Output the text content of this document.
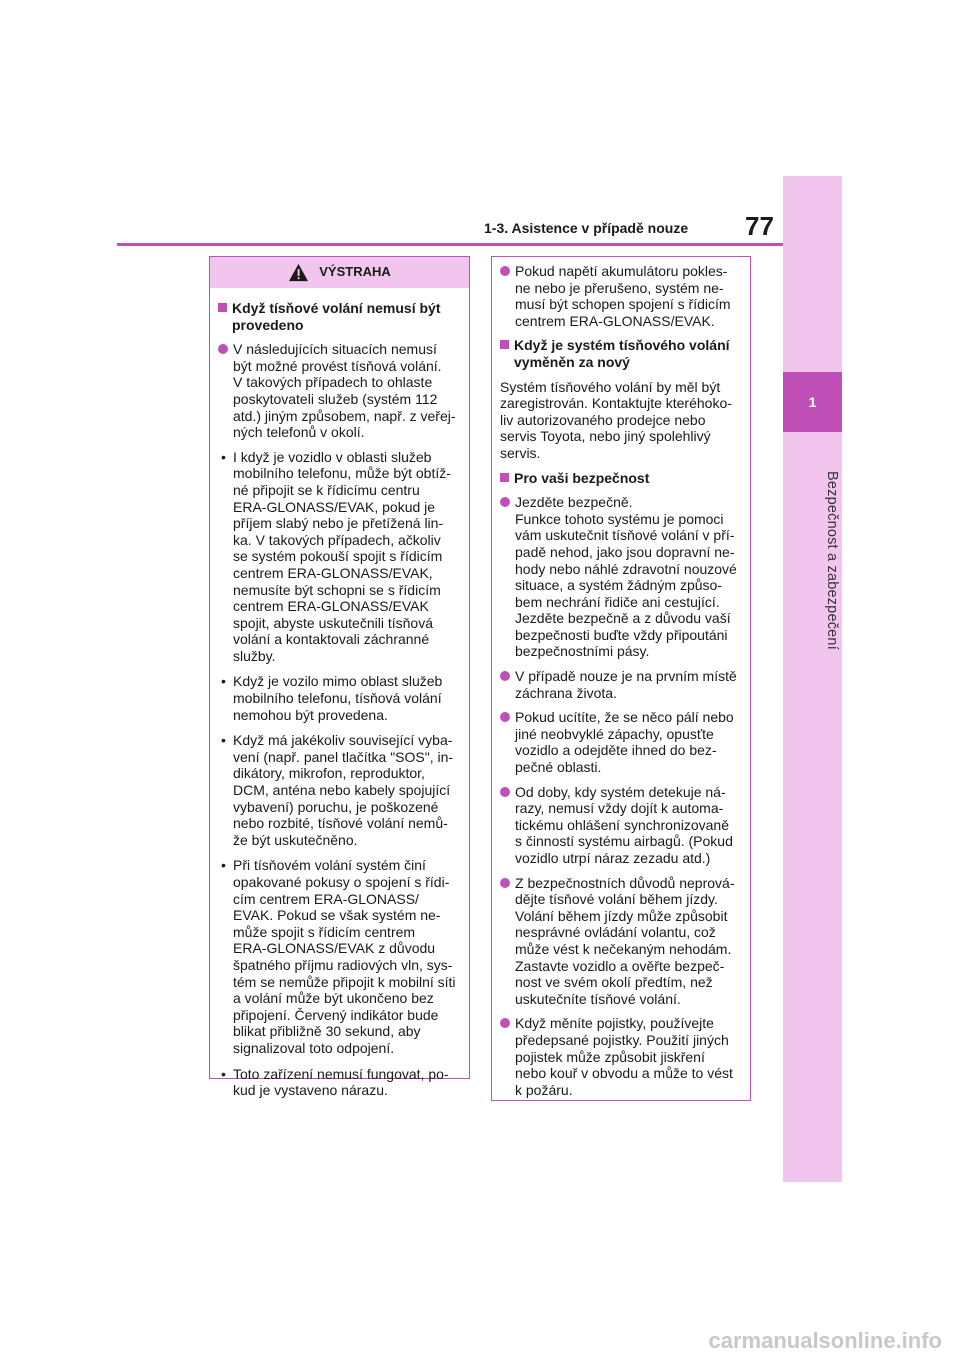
1
Bezpečnost a zabezpečení
1-3. Asistence v případě nouze 77
VÝSTRAHA
Když tísňové volání nemusí být
provedeno
V následujících situacích nemusí
být možné provést tísňová volání.
V takových případech to ohlaste
poskytovateli služeb (systém 112
atd.) jiným způsobem, např. z veřej-
ných telefonů v okolí.
• I když je vozidlo v oblasti služeb
mobilního telefonu, může být obtíž-
né připojit se k řídicímu centru
ERA-GLONASS/EVAK, pokud je
příjem slabý nebo je přetížená lin-
ka. V takových případech, ačkoliv
se systém pokouší spojit s řídicím
centrem ERA-GLONASS/EVAK,
nemusíte být schopni se s řídicím
centrem ERA-GLONASS/EVAK
spojit, abyste uskutečnili tísňová
volání a kontaktovali záchranné
služby.
• Když je vozilo mimo oblast služeb
mobilního telefonu, tísňová volání
nemohou být provedena.
• Když má jakékoliv související vyba-
vení (např. panel tlačítka "SOS", in-
dikátory, mikrofon, reproduktor,
DCM, anténa nebo kabely spojující
vybavení) poruchu, je poškozené
nebo rozbité, tísňové volání nemů-
že být uskutečněno.
• Při tísňovém volání systém činí
opakované pokusy o spojení s řídi-
cím centrem ERA-GLONASS/
EVAK. Pokud se však systém ne-
může spojit s řídicím centrem
ERA-GLONASS/EVAK z důvodu
špatného příjmu radiových vln, sys-
tém se nemůže připojit k mobilní síti
a volání může být ukončeno bez
připojení. Červený indikátor bude
blikat přibližně 30 sekund, aby
signalizoval toto odpojení.
• Toto zařízení nemusí fungovat, po-
kud je vystaveno nárazu.
Pokud napětí akumulátoru pokles-
ne nebo je přerušeno, systém ne-
musí být schopen spojení s řídicím
centrem ERA-GLONASS/EVAK.
Když je systém tísňového volání
vyměněn za nový
Systém tísňového volání by měl být
zaregistrován. Kontaktujte kteréhoko-
liv autorizovaného prodejce nebo
servis Toyota, nebo jiný spolehlivý
servis.
Pro vaši bezpečnost
Jezděte bezpečně.
Funkce tohoto systému je pomoci
vám uskutečnit tísňové volání v pří-
padě nehod, jako jsou dopravní ne-
hody nebo náhlé zdravotní nouzové
situace, a systém žádným způso-
bem nechrání řidiče ani cestující.
Jezděte bezpečně a z důvodu vaší
bezpečnosti buďte vždy připoutáni
bezpečnostními pásy.
V případě nouze je na prvním místě
záchrana života.
Pokud ucítíte, že se něco pálí nebo
jiné neobvyklé zápachy, opusťte
vozidlo a odejděte ihned do bez-
pečné oblasti.
Od doby, kdy systém detekuje ná-
razy, nemusí vždy dojít k automa-
tickému ohlášení synchronizovaně
s činností systému airbagů. (Pokud
vozidlo utrpí náraz zezadu atd.)
Z bezpečnostních důvodů neprová-
děјte tísňové volání během jízdy.
Volání během jízdy může způsobit
nesprávné ovládání volantu, což
může vést k nečekaným nehodám.
Zastavte vozidlo a ověřte bezpeč-
nost ve svém okolí předtím, než
uskutečníte tísňové volání.
Když měníte pojistky, používejte
předepsané pojistky. Použití jiných
pojistek může způsobit jiskření
nebo kouř v obvodu a může to vést
k požáru.
carmanualsonline.info
